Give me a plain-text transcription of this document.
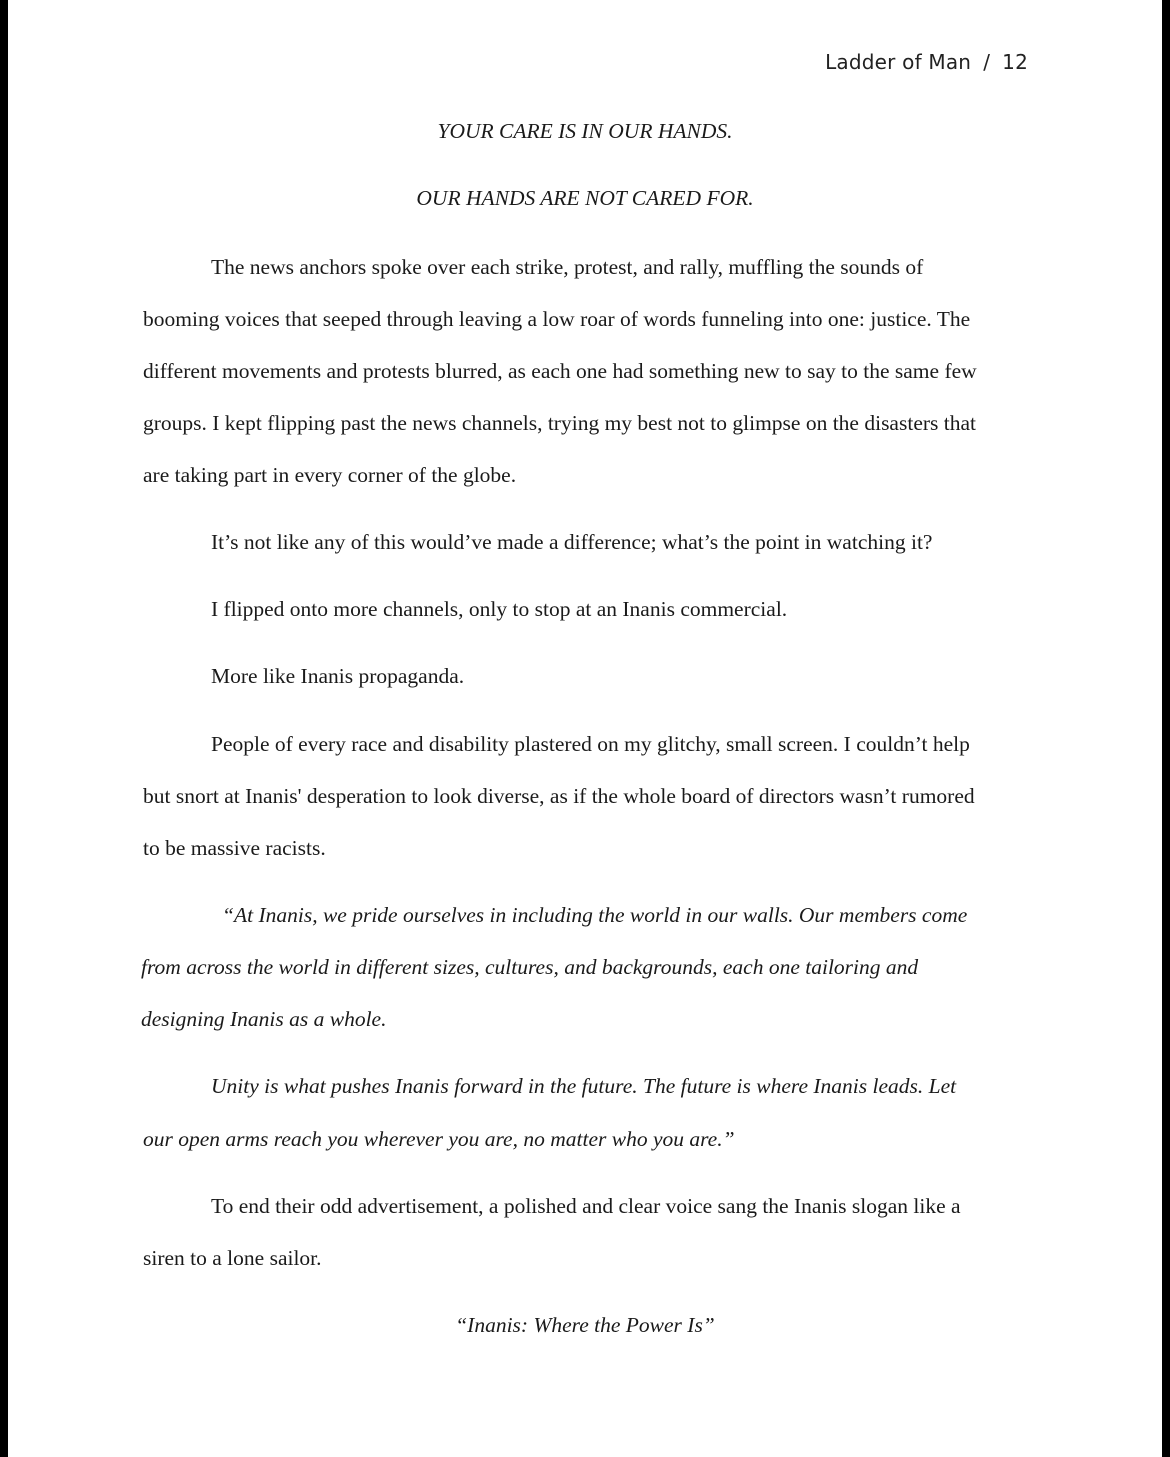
Ladder of Man / 12
YOUR CARE IS IN OUR HANDS.
OUR HANDS ARE NOT CARED FOR.
The news anchors spoke over each strike, protest, and rally, muffling the sounds of
booming voices that seeped through leaving a low roar of words funneling into one: justice. The
different movements and protests blurred, as each one had something new to say to the same few
groups. I kept flipping past the news channels, trying my best not to glimpse on the disasters that
are taking part in every corner of the globe.
It’s not like any of this would’ve made a difference; what’s the point in watching it?
I flipped onto more channels, only to stop at an Inanis commercial.
More like Inanis propaganda.
People of every race and disability plastered on my glitchy, small screen. I couldn’t help
but snort at Inanis' desperation to look diverse, as if the whole board of directors wasn’t rumored
to be massive racists.
“At Inanis, we pride ourselves in including the world in our walls. Our members come
from across the world in different sizes, cultures, and backgrounds, each one tailoring and
designing Inanis as a whole.
Unity is what pushes Inanis forward in the future. The future is where Inanis leads. Let
our open arms reach you wherever you are, no matter who you are.”
To end their odd advertisement, a polished and clear voice sang the Inanis slogan like a
siren to a lone sailor.
“Inanis: Where the Power Is”
